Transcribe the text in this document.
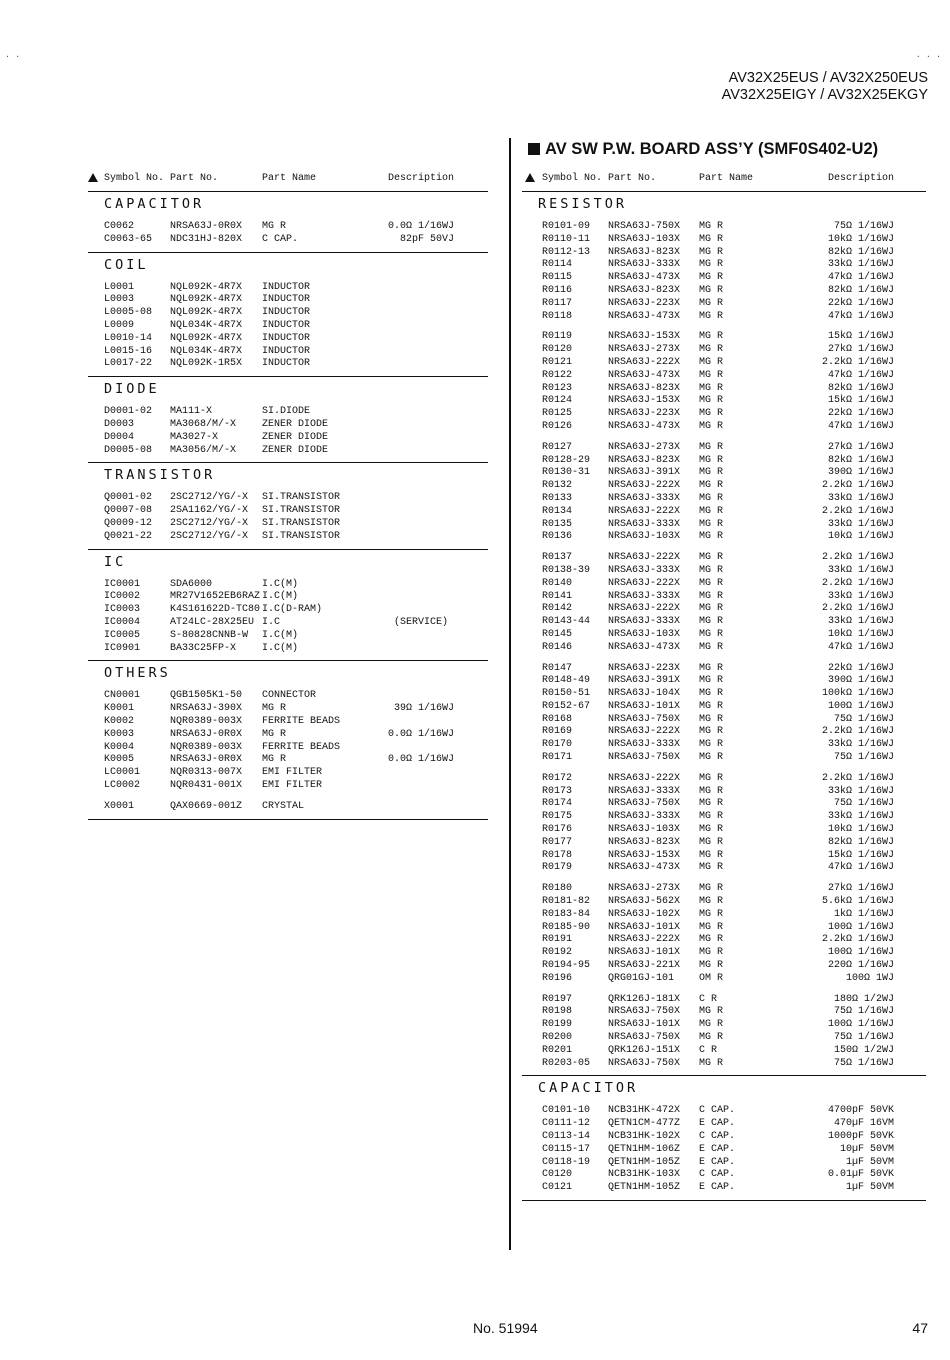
. .	. . .
AV32X25EUS / AV32X250EUS
AV32X25EIGY / AV32X25EKGY
AV SW P.W. BOARD ASS’Y (SMF0S402-U2)
Symbol No. Part No.	Part Name	Description
CAPACITOR
C0062	NRSA63J-0R0X MG R	0.0Ω 1/16W J
C0063-65 NDC31HJ-820X C CAP.	82pF 50V J
COIL
L0001	NQL092K-4R7X INDUCTOR
L0003	NQL092K-4R7X INDUCTOR
L0005-08 NQL092K-4R7X INDUCTOR
L0009	NQL034K-4R7X INDUCTOR
L0010-14 NQL092K-4R7X INDUCTOR
L0015-16 NQL034K-4R7X INDUCTOR
L0017-22 NQL092K-1R5X INDUCTOR
DIODE
D0001-02 MA111-X	SI.DIODE
D0003	MA3068/M/-X	ZENER DIODE
D0004	MA3027-X	ZENER DIODE
D0005-08 MA3056/M/-X	ZENER DIODE
TRANSISTOR
Q0001-02 2SC2712/YG/-X SI.TRANSISTOR
Q0007-08 2SA1162/YG/-X SI.TRANSISTOR
Q0009-12 2SC2712/YG/-X SI.TRANSISTOR
Q0021-22 2SC2712/YG/-X SI.TRANSISTOR
IC
IC0001	SDA6000	I.C(M)
IC0002	MR27V1652EB6RAZ I.C(M)
IC0003	K4S161622D-TC80 I.C(D-RAM)
IC0004	AT24LC-28X25EU I.C	(SERVICE)
IC0005	S-80828CNNB-W I.C(M)
IC0901	BA33C25FP-X	I.C(M)
OTHERS
CN0001	QGB1505K1-50 CONNECTOR
K0001	NRSA63J-390X MG R	39Ω 1/16W J
K0002	NQR0389-003X FERRITE BEADS
K0003	NRSA63J-0R0X MG R	0.0Ω 1/16W J
K0004	NQR0389-003X FERRITE BEADS
K0005	NRSA63J-0R0X MG R	0.0Ω 1/16W J
LC0001	NQR0313-007X EMI FILTER
LC0002	NQR0431-001X EMI FILTER
X0001	QAX0669-001Z CRYSTAL
Symbol No. Part No.	Part Name	Description
RESISTOR
R0101-09 NRSA63J-750X MG R	75Ω 1/16W J
R0110-11 NRSA63J-103X MG R	10kΩ 1/16W J
R0112-13 NRSA63J-823X MG R	82kΩ 1/16W J
R0114	NRSA63J-333X MG R	33kΩ 1/16W J
R0115	NRSA63J-473X MG R	47kΩ 1/16W J
R0116	NRSA63J-823X MG R	82kΩ 1/16W J
R0117	NRSA63J-223X MG R	22kΩ 1/16W J
R0118	NRSA63J-473X MG R	47kΩ 1/16W J
R0119	NRSA63J-153X MG R	15kΩ 1/16W J
R0120	NRSA63J-273X MG R	27kΩ 1/16W J
R0121	NRSA63J-222X MG R	2.2kΩ 1/16W J
R0122	NRSA63J-473X MG R	47kΩ 1/16W J
R0123	NRSA63J-823X MG R	82kΩ 1/16W J
R0124	NRSA63J-153X MG R	15kΩ 1/16W J
R0125	NRSA63J-223X MG R	22kΩ 1/16W J
R0126	NRSA63J-473X MG R	47kΩ 1/16W J
R0127	NRSA63J-273X MG R	27kΩ 1/16W J
R0128-29 NRSA63J-823X MG R	82kΩ 1/16W J
R0130-31 NRSA63J-391X MG R	390Ω 1/16W J
R0132	NRSA63J-222X MG R	2.2kΩ 1/16W J
R0133	NRSA63J-333X MG R	33kΩ 1/16W J
R0134	NRSA63J-222X MG R	2.2kΩ 1/16W J
R0135	NRSA63J-333X MG R	33kΩ 1/16W J
R0136	NRSA63J-103X MG R	10kΩ 1/16W J
R0137	NRSA63J-222X MG R	2.2kΩ 1/16W J
R0138-39 NRSA63J-333X MG R	33kΩ 1/16W J
R0140	NRSA63J-222X MG R	2.2kΩ 1/16W J
R0141	NRSA63J-333X MG R	33kΩ 1/16W J
R0142	NRSA63J-222X MG R	2.2kΩ 1/16W J
R0143-44 NRSA63J-333X MG R	33kΩ 1/16W J
R0145	NRSA63J-103X MG R	10kΩ 1/16W J
R0146	NRSA63J-473X MG R	47kΩ 1/16W J
R0147	NRSA63J-223X MG R	22kΩ 1/16W J
R0148-49 NRSA63J-391X MG R	390Ω 1/16W J
R0150-51 NRSA63J-104X MG R	100kΩ 1/16W J
R0152-67 NRSA63J-101X MG R	100Ω 1/16W J
R0168	NRSA63J-750X MG R	75Ω 1/16W J
R0169	NRSA63J-222X MG R	2.2kΩ 1/16W J
R0170	NRSA63J-333X MG R	33kΩ 1/16W J
R0171	NRSA63J-750X MG R	75Ω 1/16W J
R0172	NRSA63J-222X MG R	2.2kΩ 1/16W J
R0173	NRSA63J-333X MG R	33kΩ 1/16W J
R0174	NRSA63J-750X MG R	75Ω 1/16W J
R0175	NRSA63J-333X MG R	33kΩ 1/16W J
R0176	NRSA63J-103X MG R	10kΩ 1/16W J
R0177	NRSA63J-823X MG R	82kΩ 1/16W J
R0178	NRSA63J-153X MG R	15kΩ 1/16W J
R0179	NRSA63J-473X MG R	47kΩ 1/16W J
R0180	NRSA63J-273X MG R	27kΩ 1/16W J
R0181-82 NRSA63J-562X MG R	5.6kΩ 1/16W J
R0183-84 NRSA63J-102X MG R	1kΩ 1/16W J
R0185-90 NRSA63J-101X MG R	100Ω 1/16W J
R0191	NRSA63J-222X MG R	2.2kΩ 1/16W J
R0192	NRSA63J-101X MG R	100Ω 1/16W J
R0194-95 NRSA63J-221X MG R	220Ω 1/16W J
R0196	QRG01GJ-101 OM R	100Ω 1W J
R0197	QRK126J-181X C R	180Ω 1/2W J
R0198	NRSA63J-750X MG R	75Ω 1/16W J
R0199	NRSA63J-101X MG R	100Ω 1/16W J
R0200	NRSA63J-750X MG R	75Ω 1/16W J
R0201	QRK126J-151X C R	150Ω 1/2W J
R0203-05 NRSA63J-750X MG R	75Ω 1/16W J
CAPACITOR
C0101-10 NCB31HK-472X C CAP.	4700pF 50V K
C0111-12 QETN1CM-477Z E CAP.	470µF 16V M
C0113-14 NCB31HK-102X C CAP.	1000pF 50V K
C0115-17 QETN1HM-106Z E CAP.	10µF 50V M
C0118-19 QETN1HM-105Z E CAP.	1µF 50V M
C0120	NCB31HK-103X C CAP.	0.01µF 50V K
C0121	QETN1HM-105Z E CAP.	1µF 50V M
No. 51994	47
